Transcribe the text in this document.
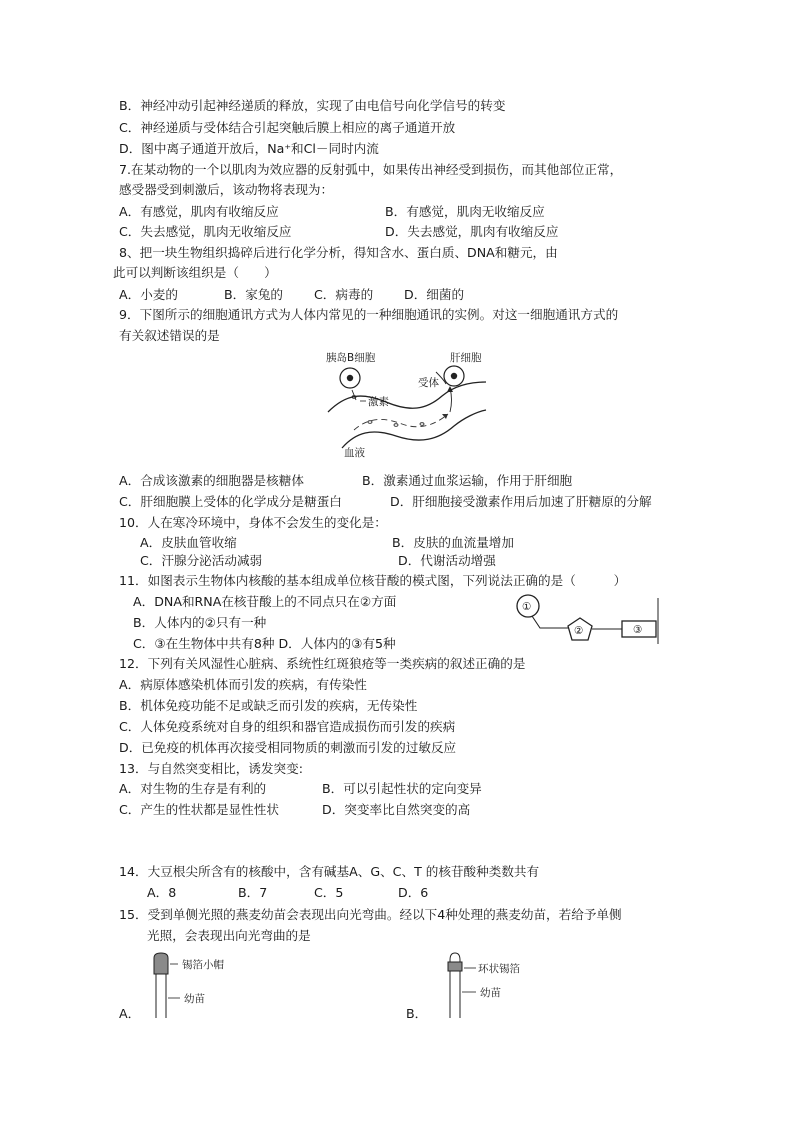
B．神经冲动引起神经递质的释放，实现了由电信号向化学信号的转变
C．神经递质与受体结合引起突触后膜上相应的离子通道开放
D．图中离子通道开放后，Na⁺和Cl－同时内流
7.在某动物的一个以肌肉为效应器的反射弧中，如果传出神经受到损伤，而其他部位正常，
感受器受到刺激后，该动物将表现为：
A．有感觉，肌肉有收缩反应	B．有感觉，肌肉无收缩反应
C．失去感觉，肌肉无收缩反应	D．失去感觉，肌肉有收缩反应
8、把一块生物组织捣碎后进行化学分析，得知含水、蛋白质、DNA和糖元，由
此可以判断该组织是（　　）
A．小麦的	B．家兔的 C．病毒的 D．细菌的
9．下图所示的细胞通讯方式为人体内常见的一种细胞通讯的实例。对这一细胞通讯方式的
有关叙述错误的是
胰岛B细胞	肝细胞
受体
激素
血液
A．合成该激素的细胞器是核糖体	B．激素通过血浆运输，作用于肝细胞
C．肝细胞膜上受体的化学成分是糖蛋白	D．肝细胞接受激素作用后加速了肝糖原的分解
10．人在寒冷环境中，身体不会发生的变化是：
A．皮肤血管收缩	B．皮肤的血流量增加
C．汗腺分泌活动减弱	D．代谢活动增强
11．如图表示生物体内核酸的基本组成单位核苷酸的模式图，下列说法正确的是（　　　）
A．DNA和RNA在核苷酸上的不同点只在②方面
B．人体内的②只有一种
C．③在生物体中共有8种 D．人体内的③有5种
①
②	③
12．下列有关风湿性心脏病、系统性红斑狼疮等一类疾病的叙述正确的是
A．病原体感染机体而引发的疾病，有传染性
B．机体免疫功能不足或缺乏而引发的疾病，无传染性
C．人体免疫系统对自身的组织和器官造成损伤而引发的疾病
D．已免疫的机体再次接受相同物质的刺激而引发的过敏反应
13．与自然突变相比，诱发突变:
A．对生物的生存是有利的	B．可以引起性状的定向变异
C．产生的性状都是显性性状	D．突变率比自然突变的高
14．大豆根尖所含有的核酸中，含有碱基A、G、C、T 的核苷酸种类数共有
A．8	B．7	C．5	D．6
15．受到单侧光照的燕麦幼苗会表现出向光弯曲。经以下4种处理的燕麦幼苗，若给予单侧
光照，会表现出向光弯曲的是
锡箔小帽
幼苗
A．
环状锡箔
幼苗
B．
